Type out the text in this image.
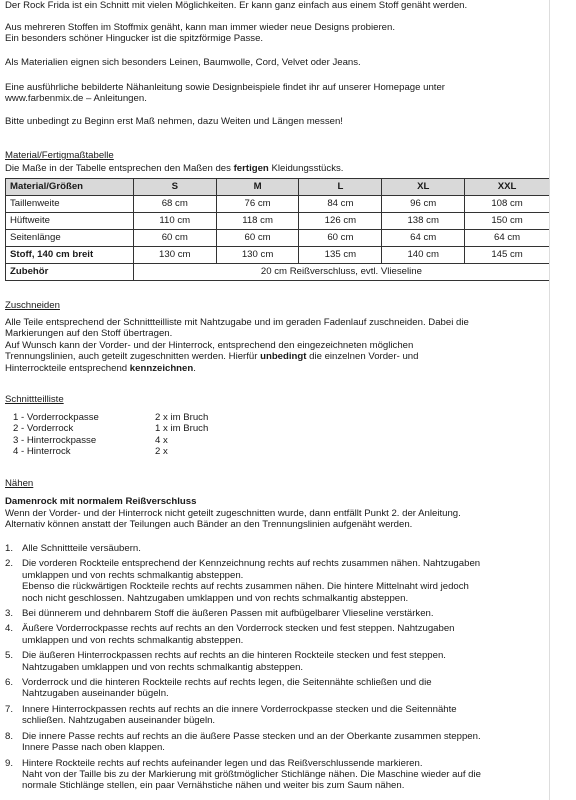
Der Rock Frida ist ein Schnitt mit vielen Möglichkeiten. Er kann ganz einfach aus einem Stoff genäht werden.

Aus mehreren Stoffen im Stoffmix genäht, kann man immer wieder neue Designs probieren.

Ein besonders schöner Hingucker ist die spitzförmige Passe.

Als Materialien eignen sich besonders Leinen, Baumwolle, Cord, Velvet oder Jeans.

Eine ausführliche bebilderte Nähanleitung sowie Designbeispiele findet ihr auf unserer Homepage unter

www.farbenmix.de – Anleitungen.

Bitte unbedingt zu Beginn erst Maß nehmen, dazu Weiten und Längen messen!

Material/Fertigmaßtabelle

Die Maße in der Tabelle entsprechen den Maßen des fertigen Kleidungsstücks.

Material/Größen	S	M	L	XL	XXL
Taillenweite	68 cm	76 cm	84 cm	96 cm	108 cm
Hüftweite	110 cm	118 cm	126 cm	138 cm	150 cm
Seitenlänge	60 cm	60 cm	60 cm	64 cm	64 cm
Stoff, 140 cm breit	130 cm	130 cm	135 cm	140 cm	145 cm
Zubehör	20 cm Reißverschluss, evtl. Vlieseline				

Zuschneiden

Alle Teile entsprechend der Schnittteilliste mit Nahtzugabe und im geraden Fadenlauf zuschneiden. Dabei die

Markierungen auf den Stoff übertragen.

Auf Wunsch kann der Vorder- und der Hinterrock, entsprechend den eingezeichneten möglichen

Trennungslinien, auch geteilt zugeschnitten werden. Hierfür unbedingt die einzelnen Vorder- und

Hinterrockteile entsprechend kennzeichnen.

Schnittteilliste

1 - Vorderrockpasse	2 x im Bruch
2 - Vorderrock	1 x im Bruch
3 - Hinterrockpasse	4 x
4 - Hinterrock	2 x

Nähen

Damenrock mit normalem Reißverschluss

Wenn der Vorder- und der Hinterrock nicht geteilt zugeschnitten wurde, dann entfällt Punkt 2. der Anleitung.

Alternativ können anstatt der Teilungen auch Bänder an den Trennungslinien aufgenäht werden.

1. Alle Schnittteile versäubern.
2. Die vorderen Rockteile entsprechend der Kennzeichnung rechts auf rechts zusammen nähen. Nahtzugaben
umklappen und von rechts schmalkantig absteppen.
Ebenso die rückwärtigen Rockteile rechts auf rechts zusammen nähen. Die hintere Mittelnaht wird jedoch
noch nicht geschlossen. Nahtzugaben umklappen und von rechts schmalkantig absteppen.
3. Bei dünnerem und dehnbarem Stoff die äußeren Passen mit aufbügelbarer Vlieseline verstärken.
4. Äußere Vorderrockpasse rechts auf rechts an den Vorderrock stecken und fest steppen. Nahtzugaben
umklappen und von rechts schmalkantig absteppen.
5. Die äußeren Hinterrockpassen rechts auf rechts an die hinteren Rockteile stecken und fest steppen.
Nahtzugaben umklappen und von rechts schmalkantig absteppen.
6. Vorderrock und die hinteren Rockteile rechts auf rechts legen, die Seitennähte schließen und die
Nahtzugaben auseinander bügeln.
7. Innere Hinterrockpassen rechts auf rechts an die innere Vorderrockpasse stecken und die Seitennähte
schließen. Nahtzugaben auseinander bügeln.
8. Die innere Passe rechts auf rechts an die äußere Passe stecken und an der Oberkante zusammen steppen.
Innere Passe nach oben klappen.
9. Hintere Rockteile rechts auf rechts aufeinander legen und das Reißverschlussende markieren.
Naht von der Taille bis zu der Markierung mit größtmöglicher Stichlänge nähen. Die Maschine wieder auf die
normale Stichlänge stellen, ein paar Vernähstiche nähen und weiter bis zum Saum nähen.
